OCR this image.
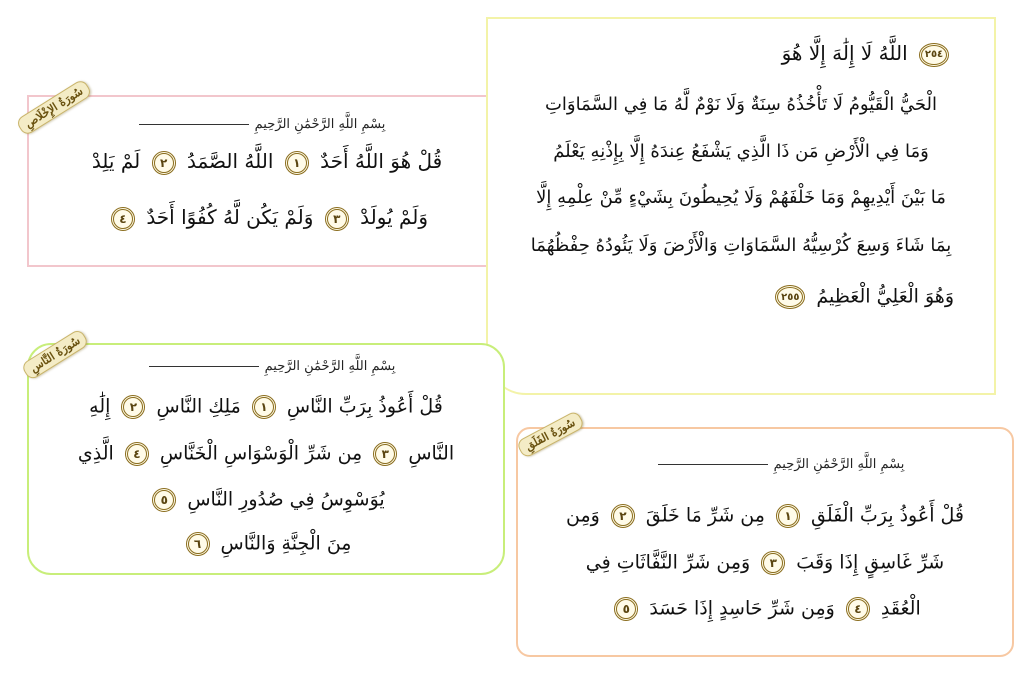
بِسْمِ اللَّهِ الرَّحْمَٰنِ الرَّحِيمِ
قُلْ هُوَ اللَّهُ أَحَدٌ ١ اللَّهُ الصَّمَدُ ٢ لَمْ يَلِدْ
وَلَمْ يُولَدْ ٣ وَلَمْ يَكُن لَّهُ كُفُوًا أَحَدٌ ٤
سُورَةُ الإِخْلَاصِ
٢٥٤ اللَّهُ لَا إِلَٰهَ إِلَّا هُوَ
الْحَيُّ الْقَيُّومُ لَا تَأْخُذُهُ سِنَةٌ وَلَا نَوْمٌ لَّهُ مَا فِي السَّمَاوَاتِ
وَمَا فِي الْأَرْضِ مَن ذَا الَّذِي يَشْفَعُ عِندَهُ إِلَّا بِإِذْنِهِ يَعْلَمُ
مَا بَيْنَ أَيْدِيهِمْ وَمَا خَلْفَهُمْ وَلَا يُحِيطُونَ بِشَيْءٍ مِّنْ عِلْمِهِ إِلَّا
بِمَا شَاءَ وَسِعَ كُرْسِيُّهُ السَّمَاوَاتِ وَالْأَرْضَ وَلَا يَئُودُهُ حِفْظُهُمَا
وَهُوَ الْعَلِيُّ الْعَظِيمُ ٢٥٥
بِسْمِ اللَّهِ الرَّحْمَٰنِ الرَّحِيمِ
قُلْ أَعُوذُ بِرَبِّ النَّاسِ ١ مَلِكِ النَّاسِ ٢ إِلَٰهِ
النَّاسِ ٣ مِن شَرِّ الْوَسْوَاسِ الْخَنَّاسِ ٤ الَّذِي
يُوَسْوِسُ فِي صُدُورِ النَّاسِ ٥
مِنَ الْجِنَّةِ وَالنَّاسِ ٦
سُورَةُ النَّاسِ
بِسْمِ اللَّهِ الرَّحْمَٰنِ الرَّحِيمِ
قُلْ أَعُوذُ بِرَبِّ الْفَلَقِ ١ مِن شَرِّ مَا خَلَقَ ٢ وَمِن
شَرِّ غَاسِقٍ إِذَا وَقَبَ ٣ وَمِن شَرِّ النَّفَّاثَاتِ فِي
الْعُقَدِ ٤ وَمِن شَرِّ حَاسِدٍ إِذَا حَسَدَ ٥
سُورَةُ الفَلَقِ
